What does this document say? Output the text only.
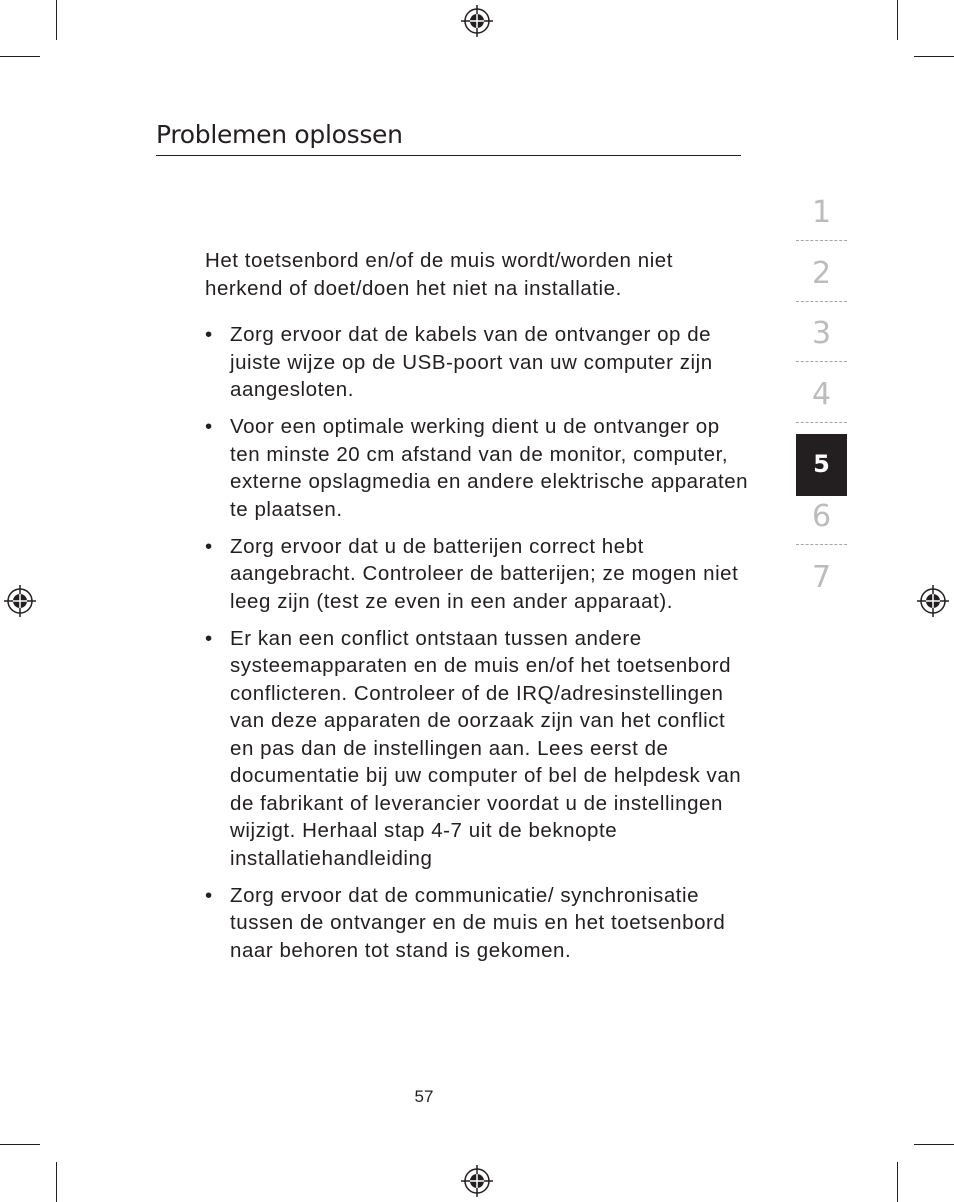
Problemen oplossen

Het toetsenbord en/of de muis wordt/worden niet herkend of doet/doen het niet na installatie.

• Zorg ervoor dat de kabels van de ontvanger op de juiste wijze op de USB-poort van uw computer zijn aangesloten.
• Voor een optimale werking dient u de ontvanger op ten minste 20 cm afstand van de monitor, computer, externe opslagmedia en andere elektrische apparaten te plaatsen.
• Zorg ervoor dat u de batterijen correct hebt aangebracht. Controleer de batterijen; ze mogen niet leeg zijn (test ze even in een ander apparaat).
• Er kan een conflict ontstaan tussen andere systeemapparaten en de muis en/of het toetsenbord conflicteren. Controleer of de IRQ/adresinstellingen van deze apparaten de oorzaak zijn van het conflict en pas dan de instellingen aan. Lees eerst de documentatie bij uw computer of bel de helpdesk van de fabrikant of leverancier voordat u de instellingen wijzigt. Herhaal stap 4-7 uit de beknopte installatiehandleiding
• Zorg ervoor dat de communicatie/ synchronisatie tussen de ontvanger en de muis en het toetsenbord naar behoren tot stand is gekomen.
1
2
3
4
5
6
7
57
